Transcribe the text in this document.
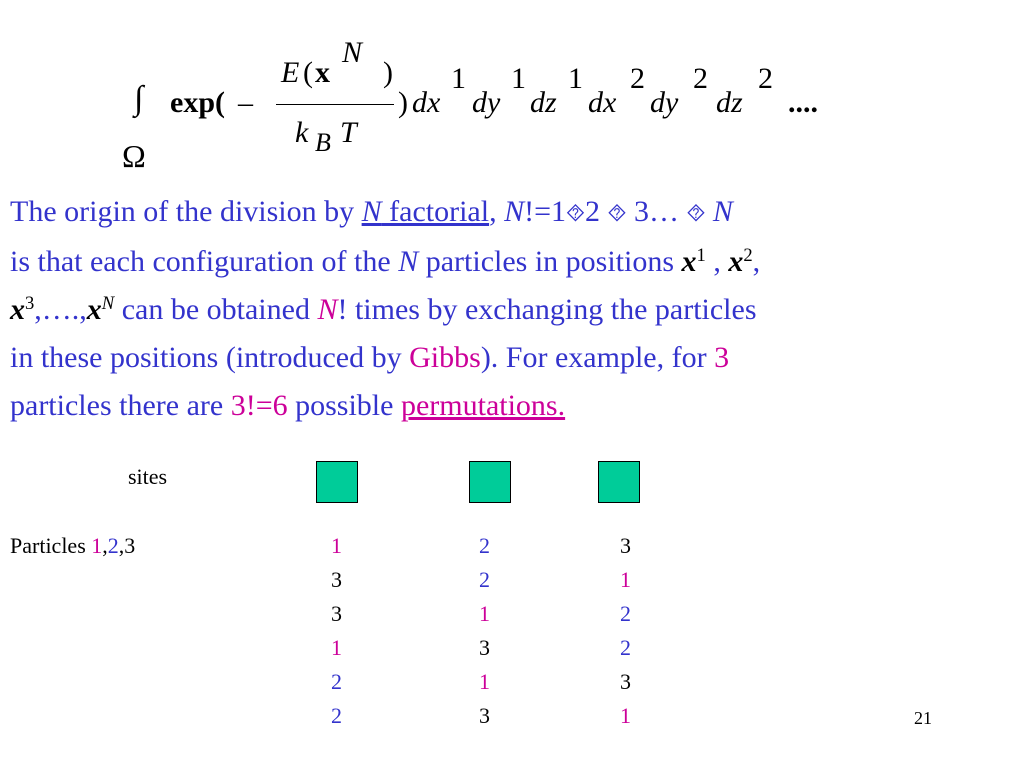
∫
Ω
exp( –
E ( x
N
)
k B T
) dx
1
dy
1
dz
1
dx
2
dy
2
dz
2
....
The origin of the division by N factorial, N!=1⯑2 ⯑ 3… ⯑ N
is that each configuration of the N particles in positions $x^1$ , $x^2$,
$x^3,\dots.,x^N$ can be obtained N! times by exchanging the particles
in these positions (introduced by Gibbs). For example, for 3
particles there are 3!=6 possible permutations.
sites
Particles 1,2,3	1	2	3
3	2	1
3	1	2
1	3	2
2	1	3
2	3	1	21
